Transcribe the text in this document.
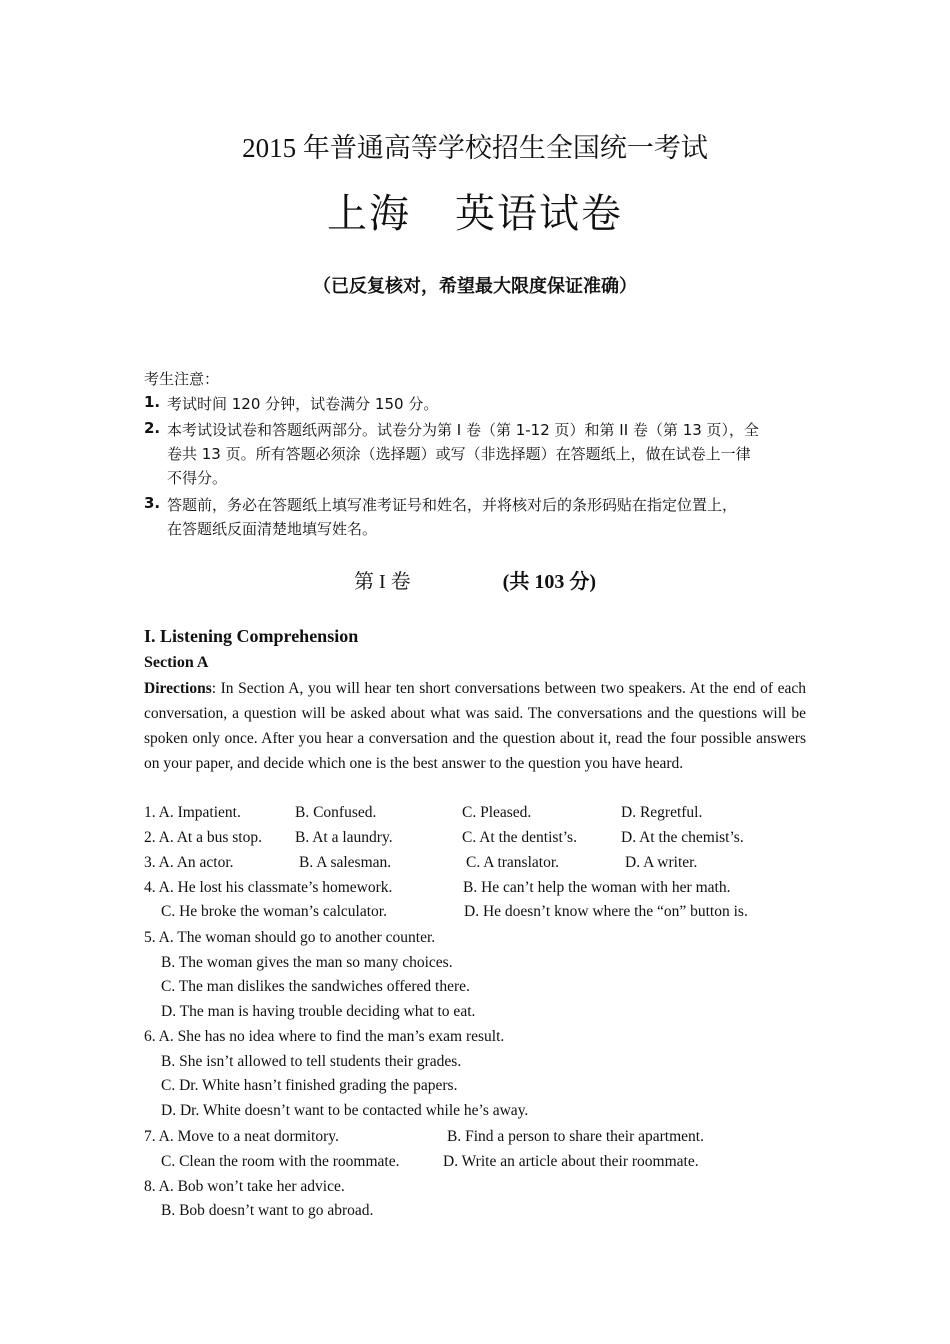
2015 年普通高等学校招生全国统一考试
上海 英语试卷
（已反复核对，希望最大限度保证准确）
考生注意：
1. 考试时间 120 分钟，试卷满分 150 分。
2. 本考试设试卷和答题纸两部分。试卷分为第 I 卷（第 1-12 页）和第 II 卷（第 13 页），全
卷共 13 页。所有答题必须涂（选择题）或写（非选择题）在答题纸上，做在试卷上一律
不得分。
3. 答题前，务必在答题纸上填写准考证号和姓名，并将核对后的条形码贴在指定位置上，
在答题纸反面清楚地填写姓名。
第 I 卷	(共 103 分)
I. Listening Comprehension
Section A
Directions: In Section A, you will hear ten short conversations between two speakers. At the end of each conversation, a question will be asked about what was said. The conversations and the questions will be spoken only once. After you hear a conversation and the question about it, read the four possible answers on your paper, and decide which one is the best answer to the question you have heard.
1. A. Impatient.	B. Confused.	C. Pleased.	D. Regretful.
2. A. At a bus stop. B. At a laundry.	C. At the dentist’s.	D. At the chemist’s.
3. A. An actor.	B. A salesman.	C. A translator.	D. A writer.
4. A. He lost his classmate’s homework.	B. He can’t help the woman with her math.
C. He broke the woman’s calculator.	D. He doesn’t know where the “on” button is.
5. A. The woman should go to another counter.
B. The woman gives the man so many choices.
C. The man dislikes the sandwiches offered there.
D. The man is having trouble deciding what to eat.
6. A. She has no idea where to find the man’s exam result.
B. She isn’t allowed to tell students their grades.
C. Dr. White hasn’t finished grading the papers.
D. Dr. White doesn’t want to be contacted while he’s away.
7. A. Move to a neat dormitory.	B. Find a person to share their apartment.
C. Clean the room with the roommate.	D. Write an article about their roommate.
8. A. Bob won’t take her advice.
B. Bob doesn’t want to go abroad.
